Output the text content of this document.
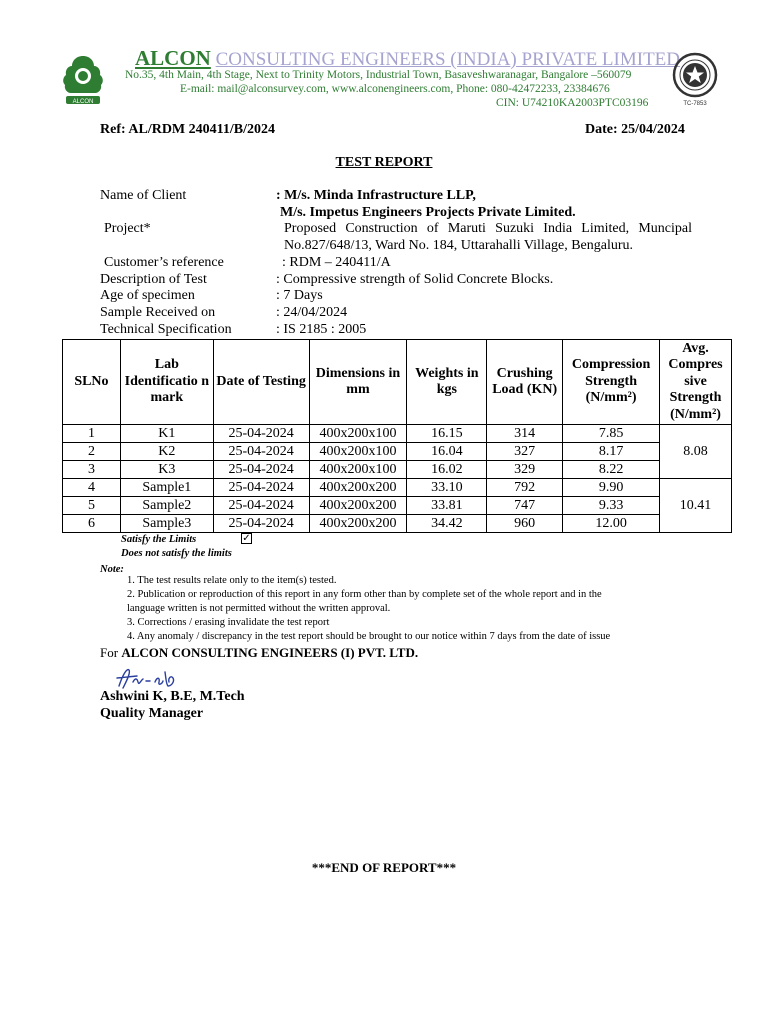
ALCON
ALCON CONSULTING ENGINEERS (INDIA) PRIVATE LIMITED
No.35, 4th Main, 4th Stage, Next to Trinity Motors, Industrial Town, Basaveshwaranagar, Bangalore –560079
E-mail: mail@alconsurvey.com, www.alconengineers.com, Phone: 080-42472233, 23384676
CIN: U74210KA2003PTC03196	TC-7853
Ref: AL/RDM 240411/B/2024	Date: 25/04/2024
TEST REPORT
Name of Client	: M/s. Minda Infrastructure LLP,
M/s. Impetus Engineers Projects Private Limited.
Project*	Proposed Construction of Maruti Suzuki India Limited, Muncipal
No.827/648/13, Ward No. 184, Uttarahalli Village, Bengaluru.
Customer’s reference	: RDM – 240411/A
Description of Test	: Compressive strength of Solid Concrete Blocks.
Age of specimen	: 7 Days
Sample Received on	: 24/04/2024
Technical Specification	: IS 2185 : 2005
SLNo	Lab Identificatio n mark	Date of Testing	Dimensions in mm	Weights in kgs	Crushing Load (KN)	Compression Strength (N/mm²)	Avg. Compres sive Strength (N/mm²)
1	K1	25-04-2024	400x200x100	16.15	314	7.85	8.08
2	K2	25-04-2024	400x200x100	16.04	327	8.17	
3	K3	25-04-2024	400x200x100	16.02	329	8.22	
4	Sample1	25-04-2024	400x200x200	33.10	792	9.90	10.41
5	Sample2	25-04-2024	400x200x200	33.81	747	9.33	
6	Sample3	25-04-2024	400x200x200	34.42	960	12.00	
Satisfy the Limits	✓
Does not satisfy the limits
Note:
1. The test results relate only to the item(s) tested.
2. Publication or reproduction of this report in any form other than by complete set of the whole report and in the
language written is not permitted without the written approval.
3. Corrections / erasing invalidate the test report
4. Any anomaly / discrepancy in the test report should be brought to our notice within 7 days from the date of issue
For ALCON CONSULTING ENGINEERS (I) PVT. LTD.
Ashwini K, B.E, M.Tech
Quality Manager
***END OF REPORT***
